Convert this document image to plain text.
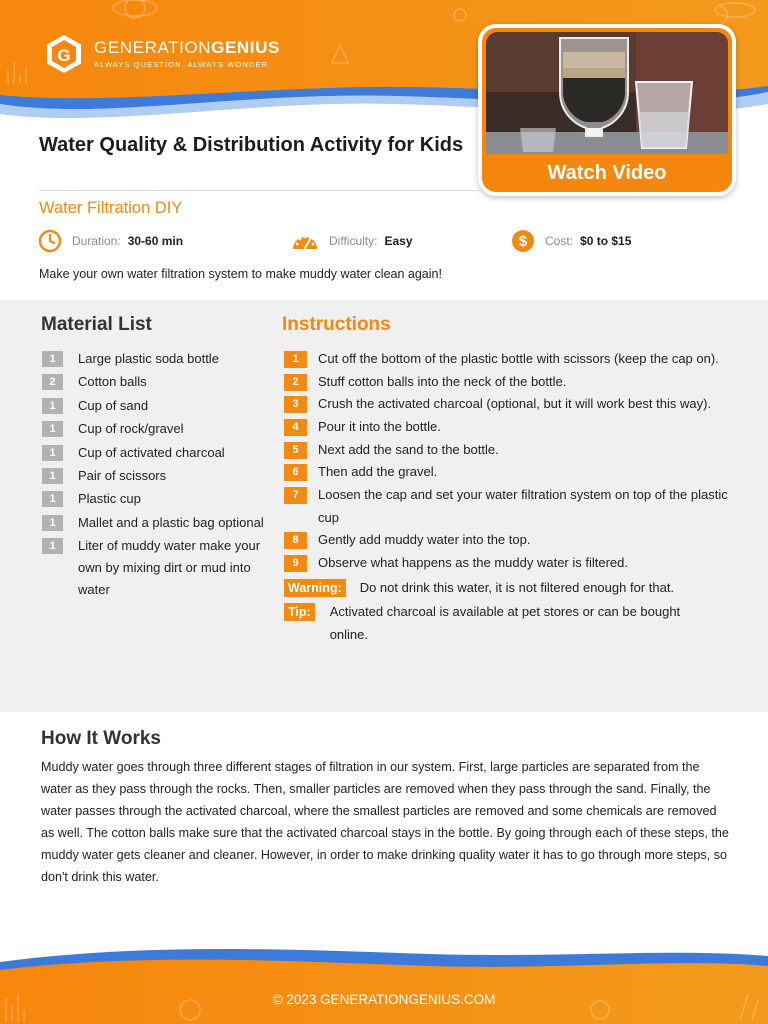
G GENERATIONGENIUS
ALWAYS QUESTION. ALWAYS WONDER.
Watch Video
Water Quality & Distribution Activity for Kids
Water Filtration DIY
Duration: 30-60 min	Difficulty: Easy	$ Cost: $0 to $15
Make your own water filtration system to make muddy water clean again!
Material List	Instructions
1	Large plastic soda bottle
2	Cotton balls
1	Cup of sand
1	Cup of rock/gravel
1	Cup of activated charcoal
1	Pair of scissors
1	Plastic cup
1	Mallet and a plastic bag optional
1	Liter of muddy water make your own by mixing dirt or mud into water
1	Cut off the bottom of the plastic bottle with scissors (keep the cap on).
2	Stuff cotton balls into the neck of the bottle.
3	Crush the activated charcoal (optional, but it will work best this way).
4	Pour it into the bottle.
5	Next add the sand to the bottle.
6	Then add the gravel.
7	Loosen the cap and set your water filtration system on top of the plastic cup
8	Gently add muddy water into the top.
9	Observe what happens as the muddy water is filtered.
Warning:	Do not drink this water, it is not filtered enough for that.
Tip:	Activated charcoal is available at pet stores or can be bought online.
How It Works
Muddy water goes through three different stages of filtration in our system. First, large particles are separated from the water as they pass through the rocks. Then, smaller particles are removed when they pass through the sand. Finally, the water passes through the activated charcoal, where the smallest particles are removed and some chemicals are removed as well. The cotton balls make sure that the activated charcoal stays in the bottle. By going through each of these steps, the muddy water gets cleaner and cleaner. However, in order to make drinking quality water it has to go through more steps, so don't drink this water.
© 2023 GENERATIONGENIUS.COM
